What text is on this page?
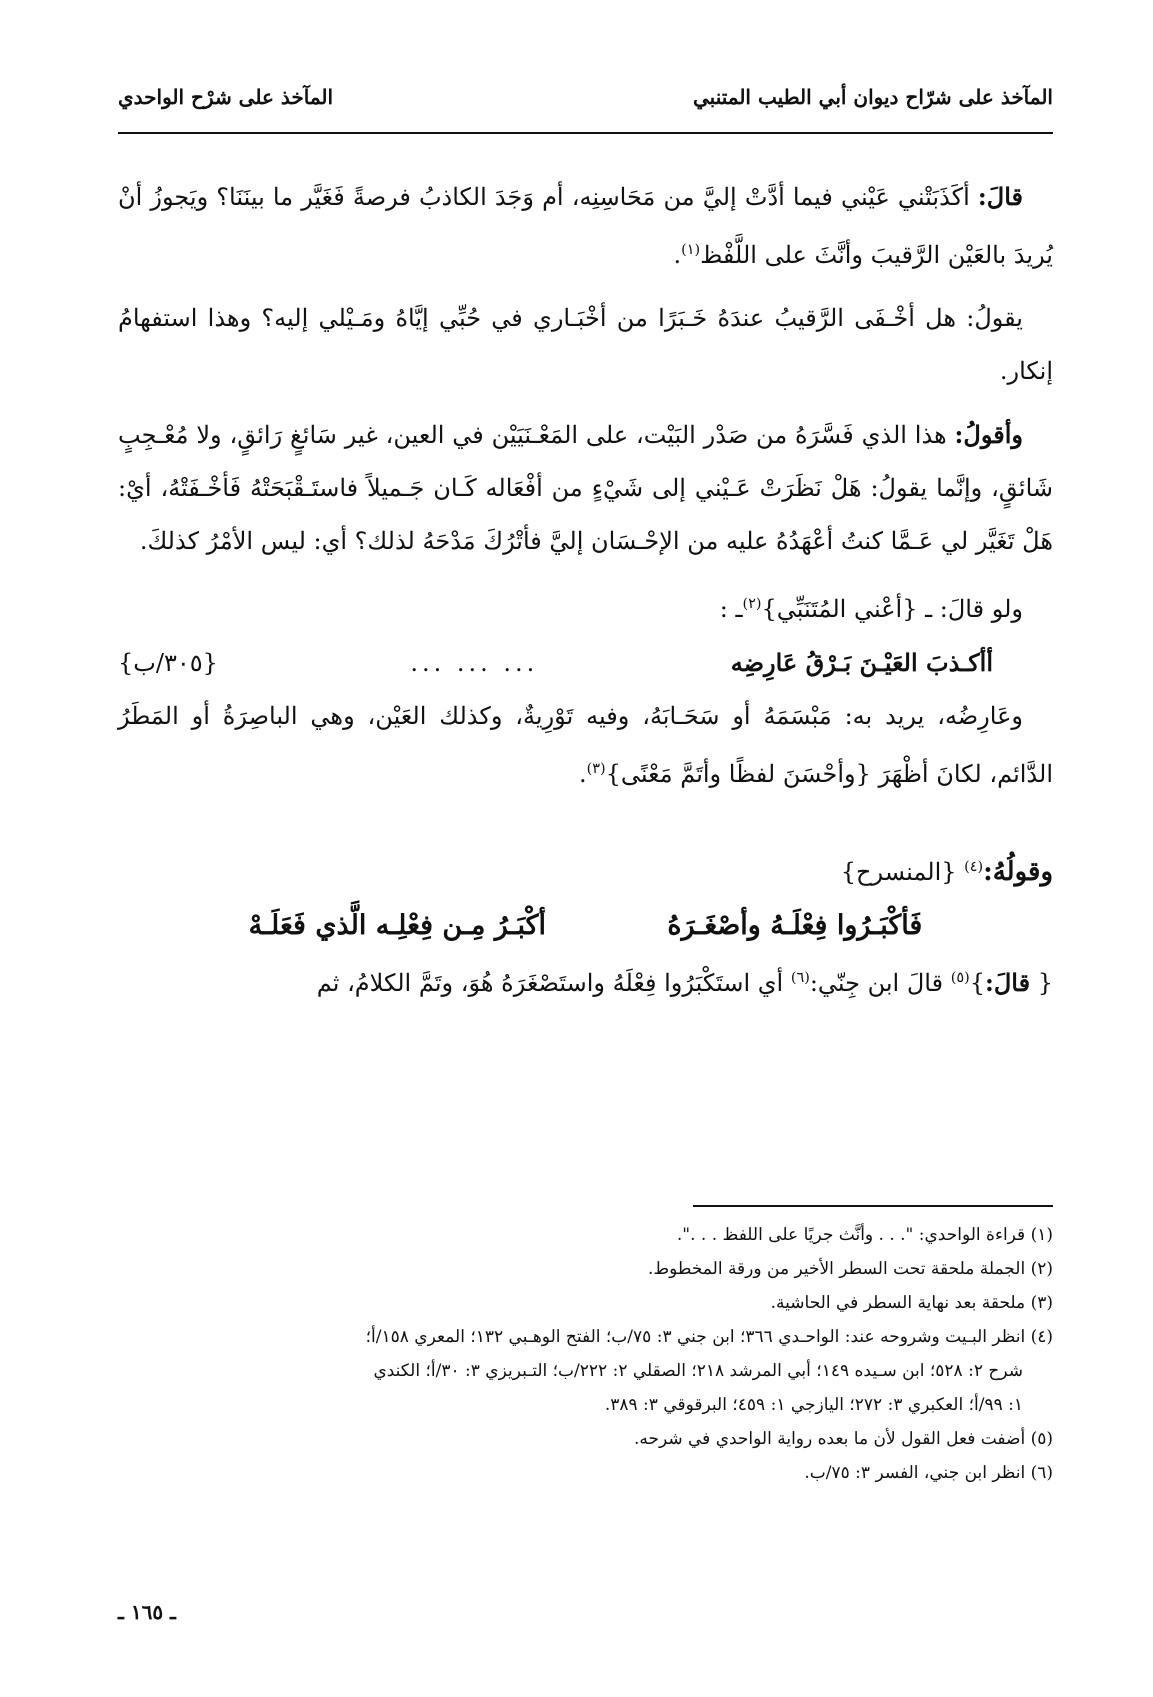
المآخذ على شرّاح ديوان أبي الطيب المتنبي
المآخذ على شرْح الواحدي

قالَ: أكَذَبَتْني عَيْني فيما أدَّتْ إليَّ من مَحَاسِنِه، أم وَجَدَ الكاذبُ فرصةً فَغَيَّر ما بينَنَا؟ ويَجوزُ أنْ يُريدَ بالعَيْن الرَّقيبَ وأنَّثَ على اللَّفْظ$^{(١)}$.

يقولُ: هل أخْـفَى الرَّقيبُ عندَهُ خَـبَرًا من أخْبَـاري في حُبِّي إيَّاهُ ومَـيْلي إليه؟ وهذا استفهامُ إنكار.

وأقولُ: هذا الذي فَسَّرَهُ من صَدْر البَيْت، على المَعْـنَيَيْن في العين، غير سَائغٍ رَائقٍ، ولا مُعْـجِبٍ شَائقٍ، وإنَّما يقولُ: هَلْ نَظَرَتْ عَـيْني إلى شَيْءٍ من أفْعَاله كَـان جَـميلاً فاستَـقْبَحَتْهُ فَأخْـفَتْهُ، أيْ: هَلْ تَغَيَّر لي عَـمَّا كنتُ أعْهَدُهُ عليه من الإحْـسَان إليَّ فأتْرُكَ مَدْحَهُ لذلك؟ أي: ليس الأمْرُ كذلكَ.

ولو قالَ: ـ {أعْني المُتَنَبِّي}$^{(٢)}$ـ :

أأكـذبَ العَيْـنَ بَـرْقُ عَارِضِه
... ... ...
{٣٠٥/ب}

وعَارِضُه، يريد به: مَبْسَمَهُ أو سَحَـابَهُ، وفيه تَوْرِيةٌ، وكذلك العَيْن، وهي الباصِرَةُ أو المَطَرُ الدَّائم، لكانَ أظْهَرَ {وأحْسَنَ لفظًا وأتَمَّ مَعْنًى}$^{(٣)}$.

وقولُهُ:$^{(٤)}$ {المنسرح}

فَأكْبَـرُوا فِعْلَـهُ وأصْغَـرَهُ
أكْبَـرُ مِـن فِعْلِـه الَّذي فَعَلَـهْ

{ قالَ:}$^{(٥)}$ قالَ ابن جِنّي:$^{(٦)}$ أي استَكْبَرُوا فِعْلَهُ واستَصْغَرَهُ هُوَ، وتَمَّ الكلامُ، ثم

(١) قراءة الواحدي: ". . . وأنَّث جريًا على اللفظ . . .".

(٢) الجملة ملحقة تحت السطر الأخير من ورقة المخطوط.

(٣) ملحقة بعد نهاية السطر في الحاشية.

(٤) انظر البـيت وشروحه عند: الواحـدي ٣٦٦؛ ابن جني ٣: ٧٥/ب؛ الفتح الوهـبي ١٣٢؛ المعري ١٥٨/أ؛

شرح ٢: ٥٢٨؛ ابن سـيده ١٤٩؛ أبي المرشد ٢١٨؛ الصقلي ٢: ٢٢٢/ب؛ التـبريزي ٣: ٣٠/أ؛ الكندي

١: ٩٩/أ؛ العكبري ٣: ٢٧٢؛ اليازجي ١: ٤٥٩؛ البرقوقي ٣: ٣٨٩.

(٥) أضفت فعل القول لأن ما بعده رواية الواحدي في شرحه.

(٦) انظر ابن جني، الفسر ٣: ٧٥/ب.

ـ ١٦٥ ـ
